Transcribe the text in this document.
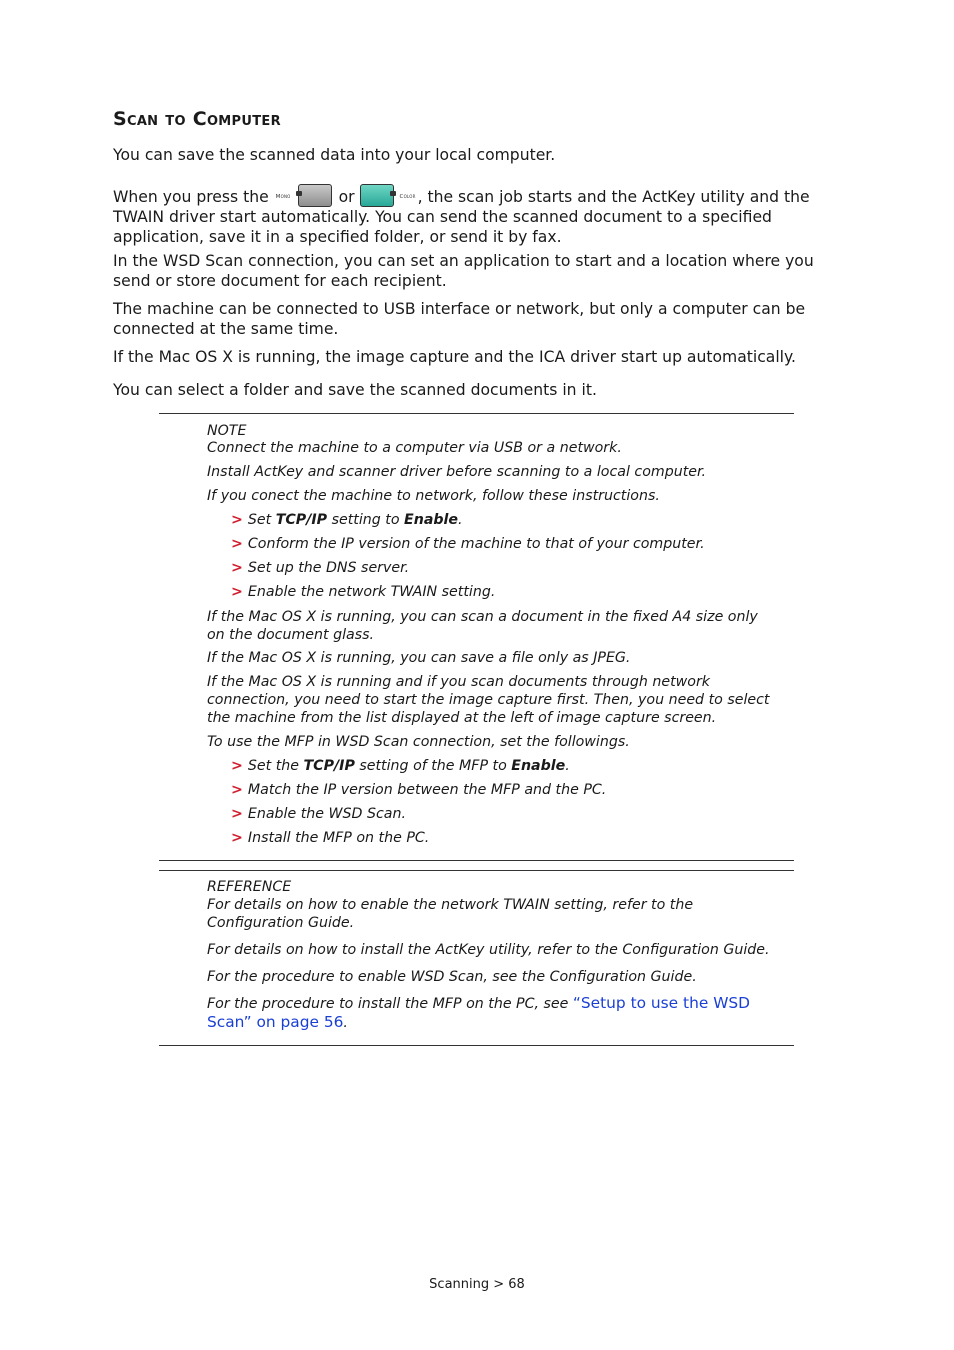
Scan to Computer

You can save the scanned data into your local computer.

When you press the Mono	or	Color , the scan job starts and the ActKey utility and the TWAIN driver start automatically. You can send the scanned document to a specified application, save it in a specified folder, or send it by fax.

In the WSD Scan connection, you can set an application to start and a location where you send or store document for each recipient.

The machine can be connected to USB interface or network, but only a computer can be connected at the same time.

If the Mac OS X is running, the image capture and the ICA driver start up automatically.

You can select a folder and save the scanned documents in it.

NOTE

Connect the machine to a computer via USB or a network.

Install ActKey and scanner driver before scanning to a local computer.

If you conect the machine to network, follow these instructions.

> Set TCP/IP setting to Enable.
> Conform the IP version of the machine to that of your computer.
> Set up the DNS server.
> Enable the network TWAIN setting.

If the Mac OS X is running, you can scan a document in the fixed A4 size only on the document glass.

If the Mac OS X is running, you can save a file only as JPEG.

If the Mac OS X is running and if you scan documents through network connection, you need to start the image capture first. Then, you need to select the machine from the list displayed at the left of image capture screen.

To use the MFP in WSD Scan connection, set the followings.

> Set the TCP/IP setting of the MFP to Enable.
> Match the IP version between the MFP and the PC.
> Enable the WSD Scan.
> Install the MFP on the PC.

REFERENCE

For details on how to enable the network TWAIN setting, refer to the Configuration Guide.

For details on how to install the ActKey utility, refer to the Configuration Guide.

For the procedure to enable WSD Scan, see the Configuration Guide.

For the procedure to install the MFP on the PC, see “Setup to use the WSD Scan” on page 56.

Scanning > 68
